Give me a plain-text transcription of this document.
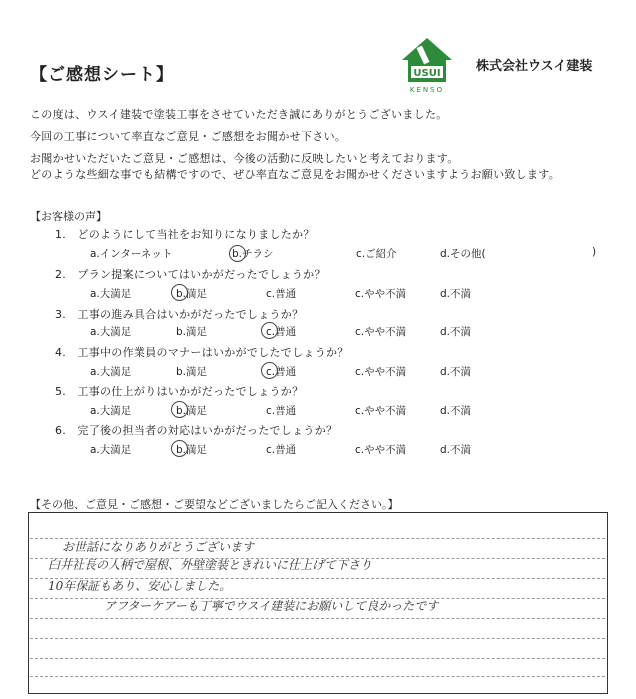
【ご感想シート】	USUI
KENSO
株式会社ウスイ建装
この度は、ウスイ建装で塗装工事をさせていただき誠にありがとうございました。
今回の工事について率直なご意見・ご感想をお聞かせ下さい。
お聞かせいただいたご意見・ご感想は、今後の活動に反映したいと考えております。
どのような些細な事でも結構ですので、ぜひ率直なご意見をお聞かせくださいますようお願い致します。
【お客様の声】
1.　どのようにして当社をお知りになりましたか？
a.インターネット	b.チラシ	c.ご紹介	d.その他(	)
2.　プラン提案についてはいかがだったでしょうか？
a.大満足	b.満足	c.普通	c.やや不満	d.不満
3.　工事の進み具合はいかがだったでしょうか？
a.大満足	b.満足	c.普通	c.やや不満	d.不満
4.　工事中の作業員のマナーはいかがでしたでしょうか？
a.大満足	b.満足	c.普通	c.やや不満	d.不満
5.　工事の仕上がりはいかがだったでしょうか？
a.大満足	b.満足	c.普通	c.やや不満	d.不満
6.　完了後の担当者の対応はいかがだったでしょうか？
a.大満足	b.満足	c.普通	c.やや不満	d.不満
【その他、ご意見・ご感想・ご要望などございましたらご記入ください。】
お世話になりありがとうございます
臼井社長の人柄で屋根、外壁塗装ときれいに仕上げて下さり
10年保証もあり、安心しました。
アフターケアーも丁寧でウスイ建装にお願いして良かったです
